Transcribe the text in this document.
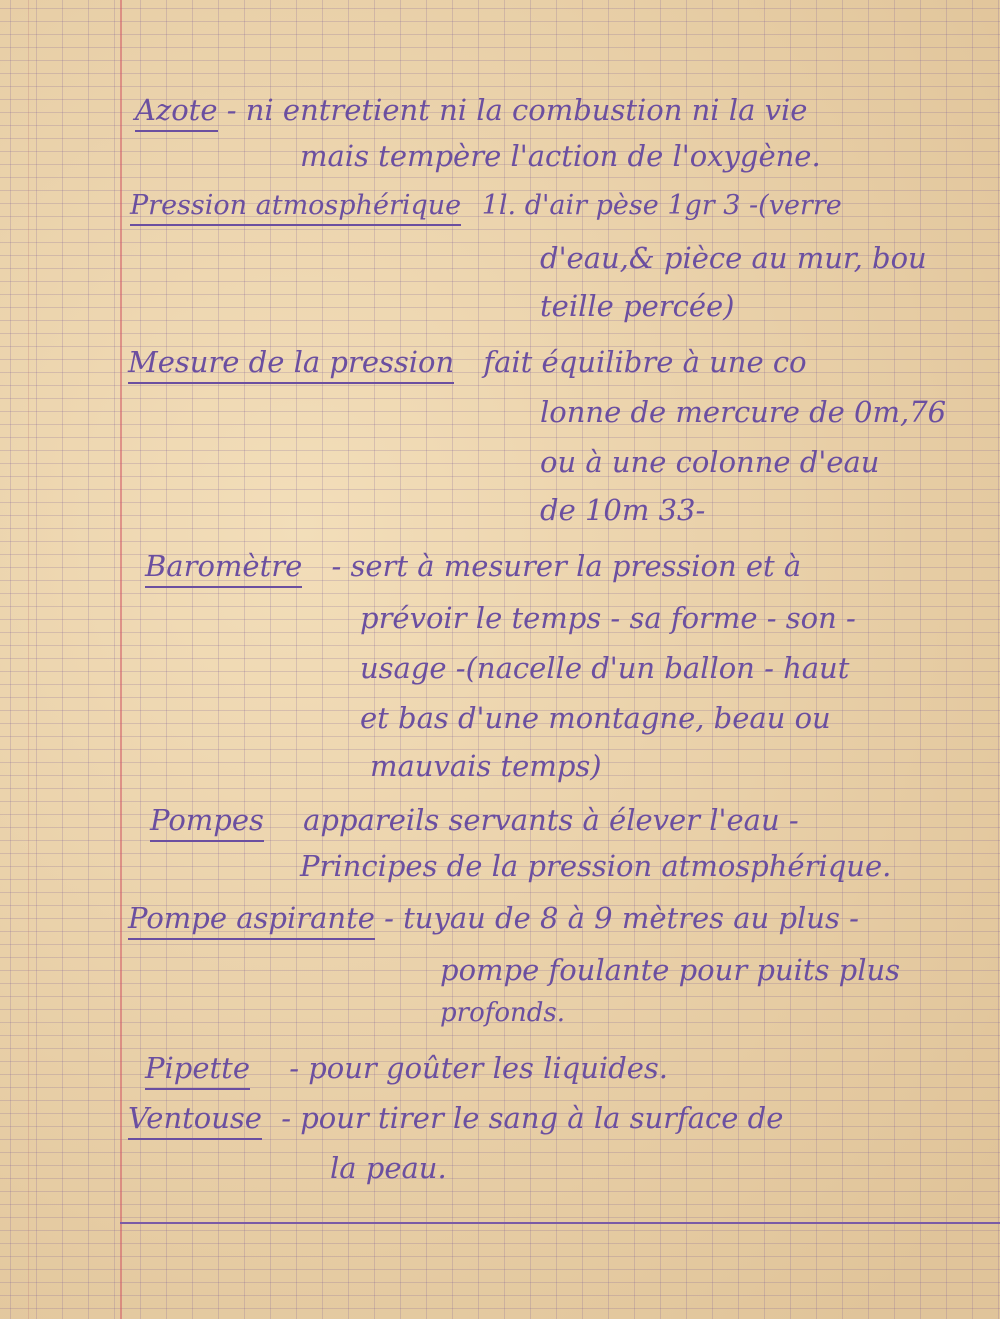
Azote - ni entretient ni la combustion ni la vie
mais tempère l'action de l'oxygène.
Pression atmosphérique 1l. d'air pèse 1gr 3 -(verre
d'eau,& pièce au mur, bou
teille percée)
Mesure de la pression fait équilibre à une co
lonne de mercure de 0m,76
ou à une colonne d'eau
de 10m 33-
Baromètre - sert à mesurer la pression et à
prévoir le temps - sa forme - son -
usage -(nacelle d'un ballon - haut
et bas d'une montagne, beau ou
mauvais temps)
Pompes appareils servants à élever l'eau -
Principes de la pression atmosphérique.
Pompe aspirante - tuyau de 8 à 9 mètres au plus -
pompe foulante pour puits plus
profonds.
Pipette - pour goûter les liquides.
Ventouse - pour tirer le sang à la surface de
la peau.
